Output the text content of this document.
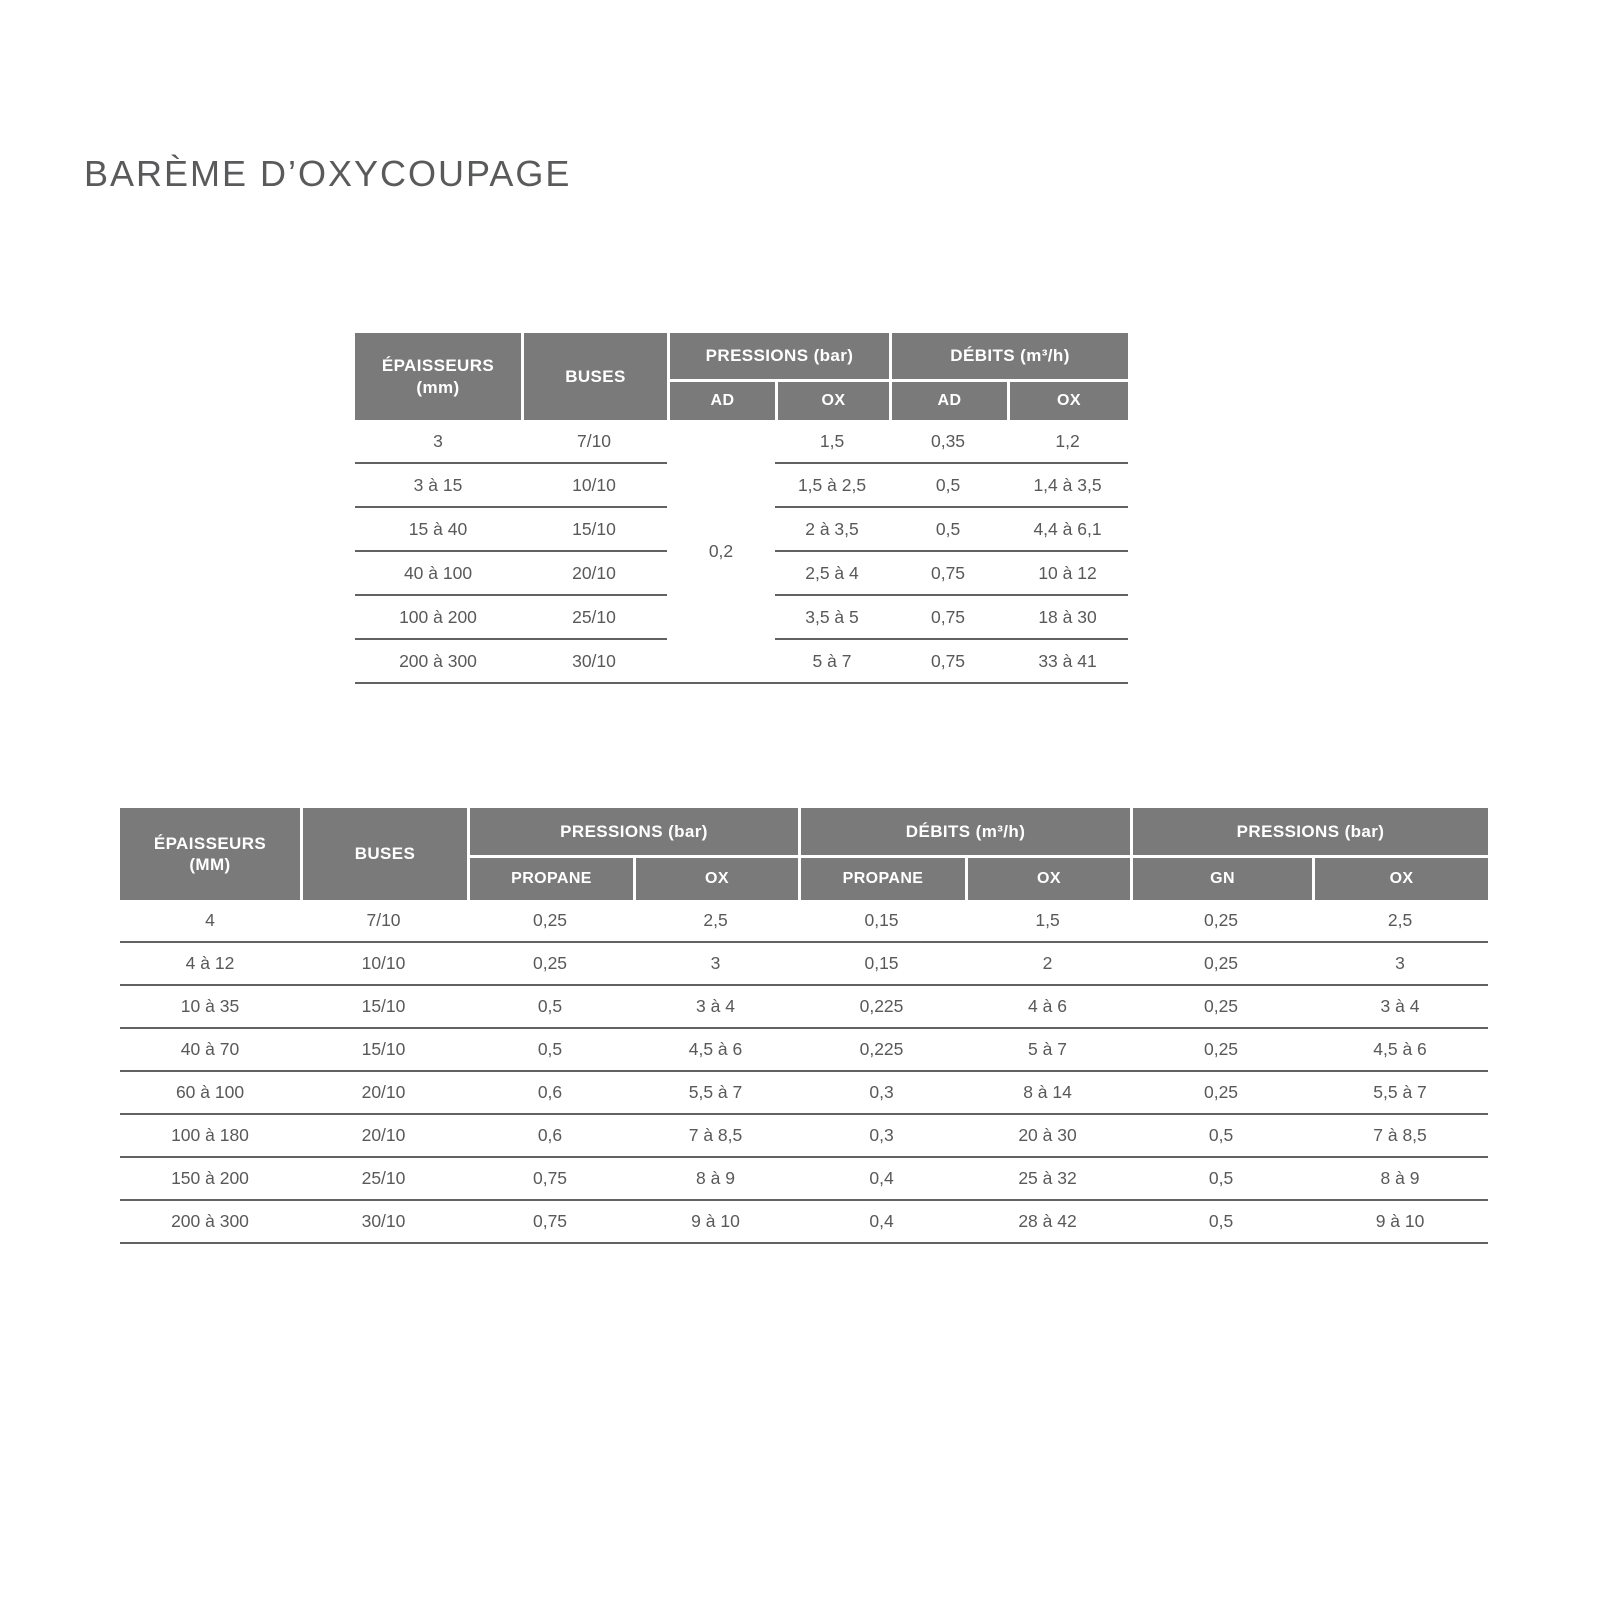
BARÈME D’OXYCOUPAGE
ÉPAISSEURS
(mm)	BUSES	PRESSIONS (bar)		DÉBITS (m³/h)	
		AD	OX	AD	OX
3	7/10	0,2	1,5	0,35	1,2
3 à 15	10/10		1,5 à 2,5	0,5	1,4 à 3,5
15 à 40	15/10		2 à 3,5	0,5	4,4 à 6,1
40 à 100	20/10		2,5 à 4	0,75	10 à 12
100 à 200	25/10		3,5 à 5	0,75	18 à 30
200 à 300	30/10		5 à 7	0,75	33 à 41
ÉPAISSEURS
(MM)	BUSES	PRESSIONS (bar)		DÉBITS (m³/h)		PRESSIONS (bar)	
		PROPANE	OX	PROPANE	OX	GN	OX
4	7/10	0,25	2,5	0,15	1,5	0,25	2,5
4 à 12	10/10	0,25	3	0,15	2	0,25	3
10 à 35	15/10	0,5	3 à 4	0,225	4 à 6	0,25	3 à 4
40 à 70	15/10	0,5	4,5 à 6	0,225	5 à 7	0,25	4,5 à 6
60 à 100	20/10	0,6	5,5 à 7	0,3	8 à 14	0,25	5,5 à 7
100 à 180	20/10	0,6	7 à 8,5	0,3	20 à 30	0,5	7 à 8,5
150 à 200	25/10	0,75	8 à 9	0,4	25 à 32	0,5	8 à 9
200 à 300	30/10	0,75	9 à 10	0,4	28 à 42	0,5	9 à 10
